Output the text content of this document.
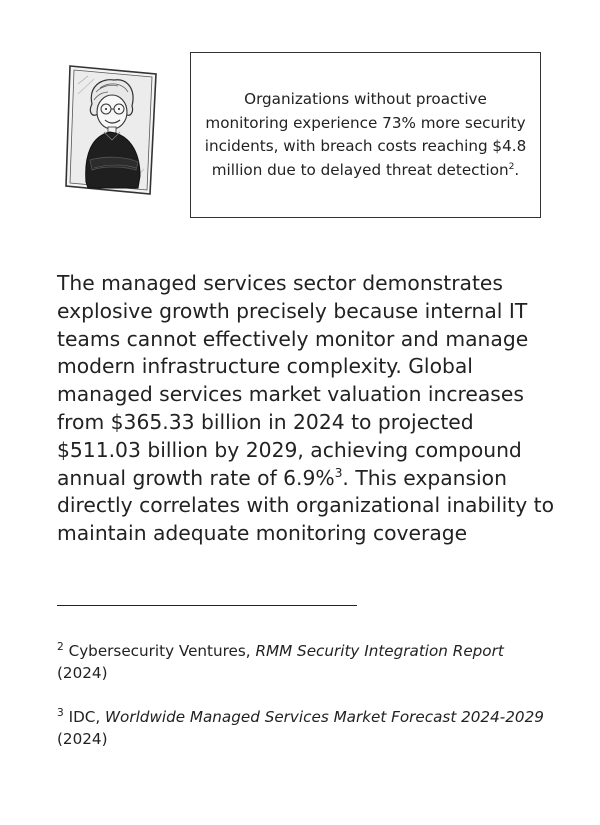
Organizations without proactive monitoring experience 73% more security incidents, with breach costs reaching $4.8 million due to delayed threat detection$^2$.

The managed services sector demonstrates explosive growth precisely because internal IT teams cannot effectively monitor and manage modern infrastructure complexity. Global managed services market valuation increases from $365.33 billion in 2024 to projected $511.03 billion by 2029, achieving compound annual growth rate of 6.9%$^3$. This expansion directly correlates with organizational inability to maintain adequate monitoring coverage

$^2$ Cybersecurity Ventures, RMM Security Integration Report
(2024)

$^3$ IDC, Worldwide Managed Services Market Forecast 2024-2029
(2024)
